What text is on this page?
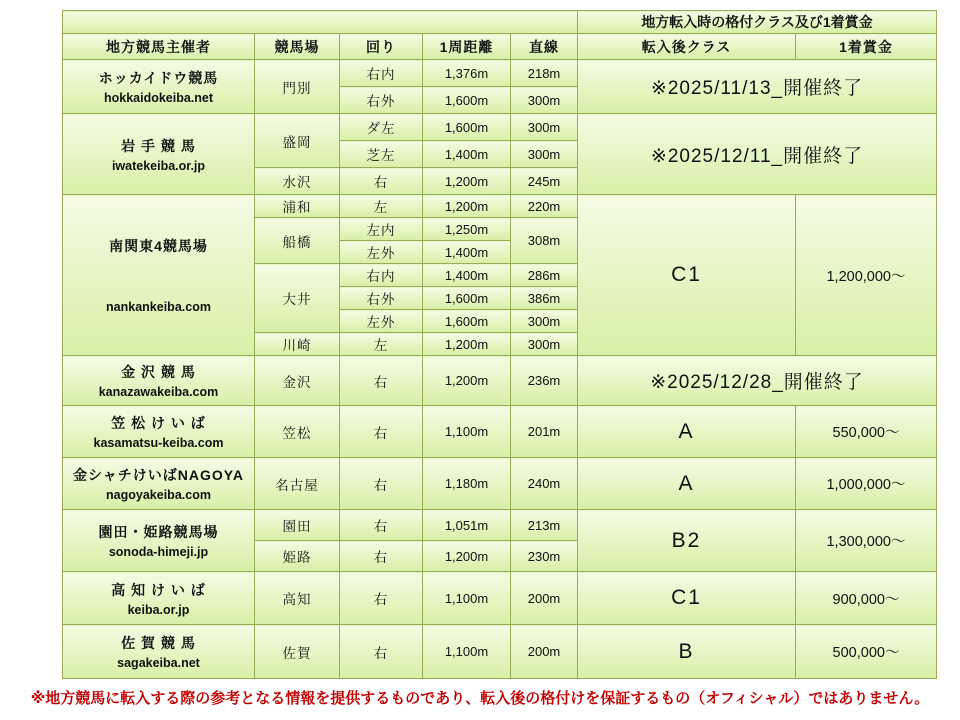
					地方転入時の格付クラス及び1着賞金	
地方競馬主催者	競馬場	回り	1周距離	直線	転入後クラス	1着賞金

ホッカイドウ競馬
hokkaidokeiba.net	門別	右内	1,376m	218m	※2025/11/13_開催終了	
		右外	1,600m	300m		

岩 手 競 馬
iwatekeiba.or.jp	盛岡	ダ左	1,600m	300m	※2025/12/11_開催終了	
		芝左	1,400m	300m		
	水沢	右	1,200m	245m		

南関東4競馬場
nankankeiba.com	浦和	左	1,200m	220m	C1	1,200,000～
	船橋	左内	1,250m	308m		
		左外	1,400m			
	大井	右内	1,400m	286m		
		右外	1,600m	386m		
		左外	1,600m	300m		
	川崎	左	1,200m	300m		

金 沢 競 馬
kanazawakeiba.com	金沢	右	1,200m	236m	※2025/12/28_開催終了	

笠 松 け い ば
kasamatsu-keiba.com	笠松	右	1,100m	201m	A	550,000～

金シャチけいばNAGOYA
nagoyakeiba.com	名古屋	右	1,180m	240m	A	1,000,000～

園田・姫路競馬場
sonoda-himeji.jp	園田	右	1,051m	213m	B2	1,300,000～
	姫路	右	1,200m	230m		

高 知 け い ば
keiba.or.jp	高知	右	1,100m	200m	C1	900,000～

佐 賀 競 馬
sagakeiba.net	佐賀	右	1,100m	200m	B	500,000～
※地方競馬に転入する際の参考となる情報を提供するものであり、転入後の格付けを保証するもの（オフィシャル）ではありません。
